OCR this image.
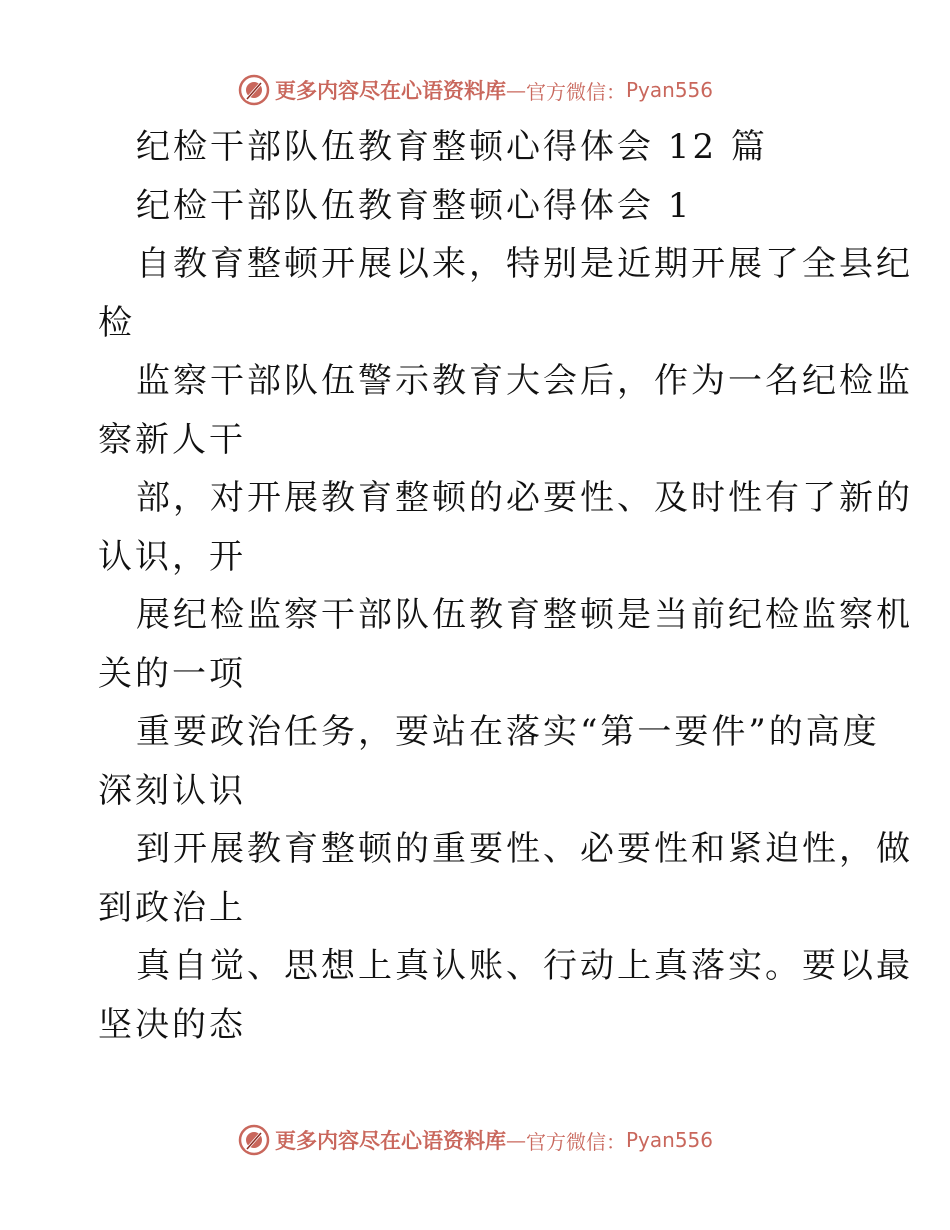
更多内容尽在心语资料库 — 官方微信： Pyan556
纪检干部队伍教育整顿心得体会 12 篇
纪检干部队伍教育整顿心得体会 1
自教育整顿开展以来，特别是近期开展了全县纪
检
监察干部队伍警示教育大会后，作为一名纪检监
察新人干
部，对开展教育整顿的必要性、及时性有了新的
认识，开
展纪检监察干部队伍教育整顿是当前纪检监察机
关的一项
重要政治任务，要站在落实“第一要件”的高度
深刻认识
到开展教育整顿的重要性、必要性和紧迫性，做
到政治上
真自觉、思想上真认账、行动上真落实。要以最
坚决的态
更多内容尽在心语资料库 — 官方微信： Pyan556
